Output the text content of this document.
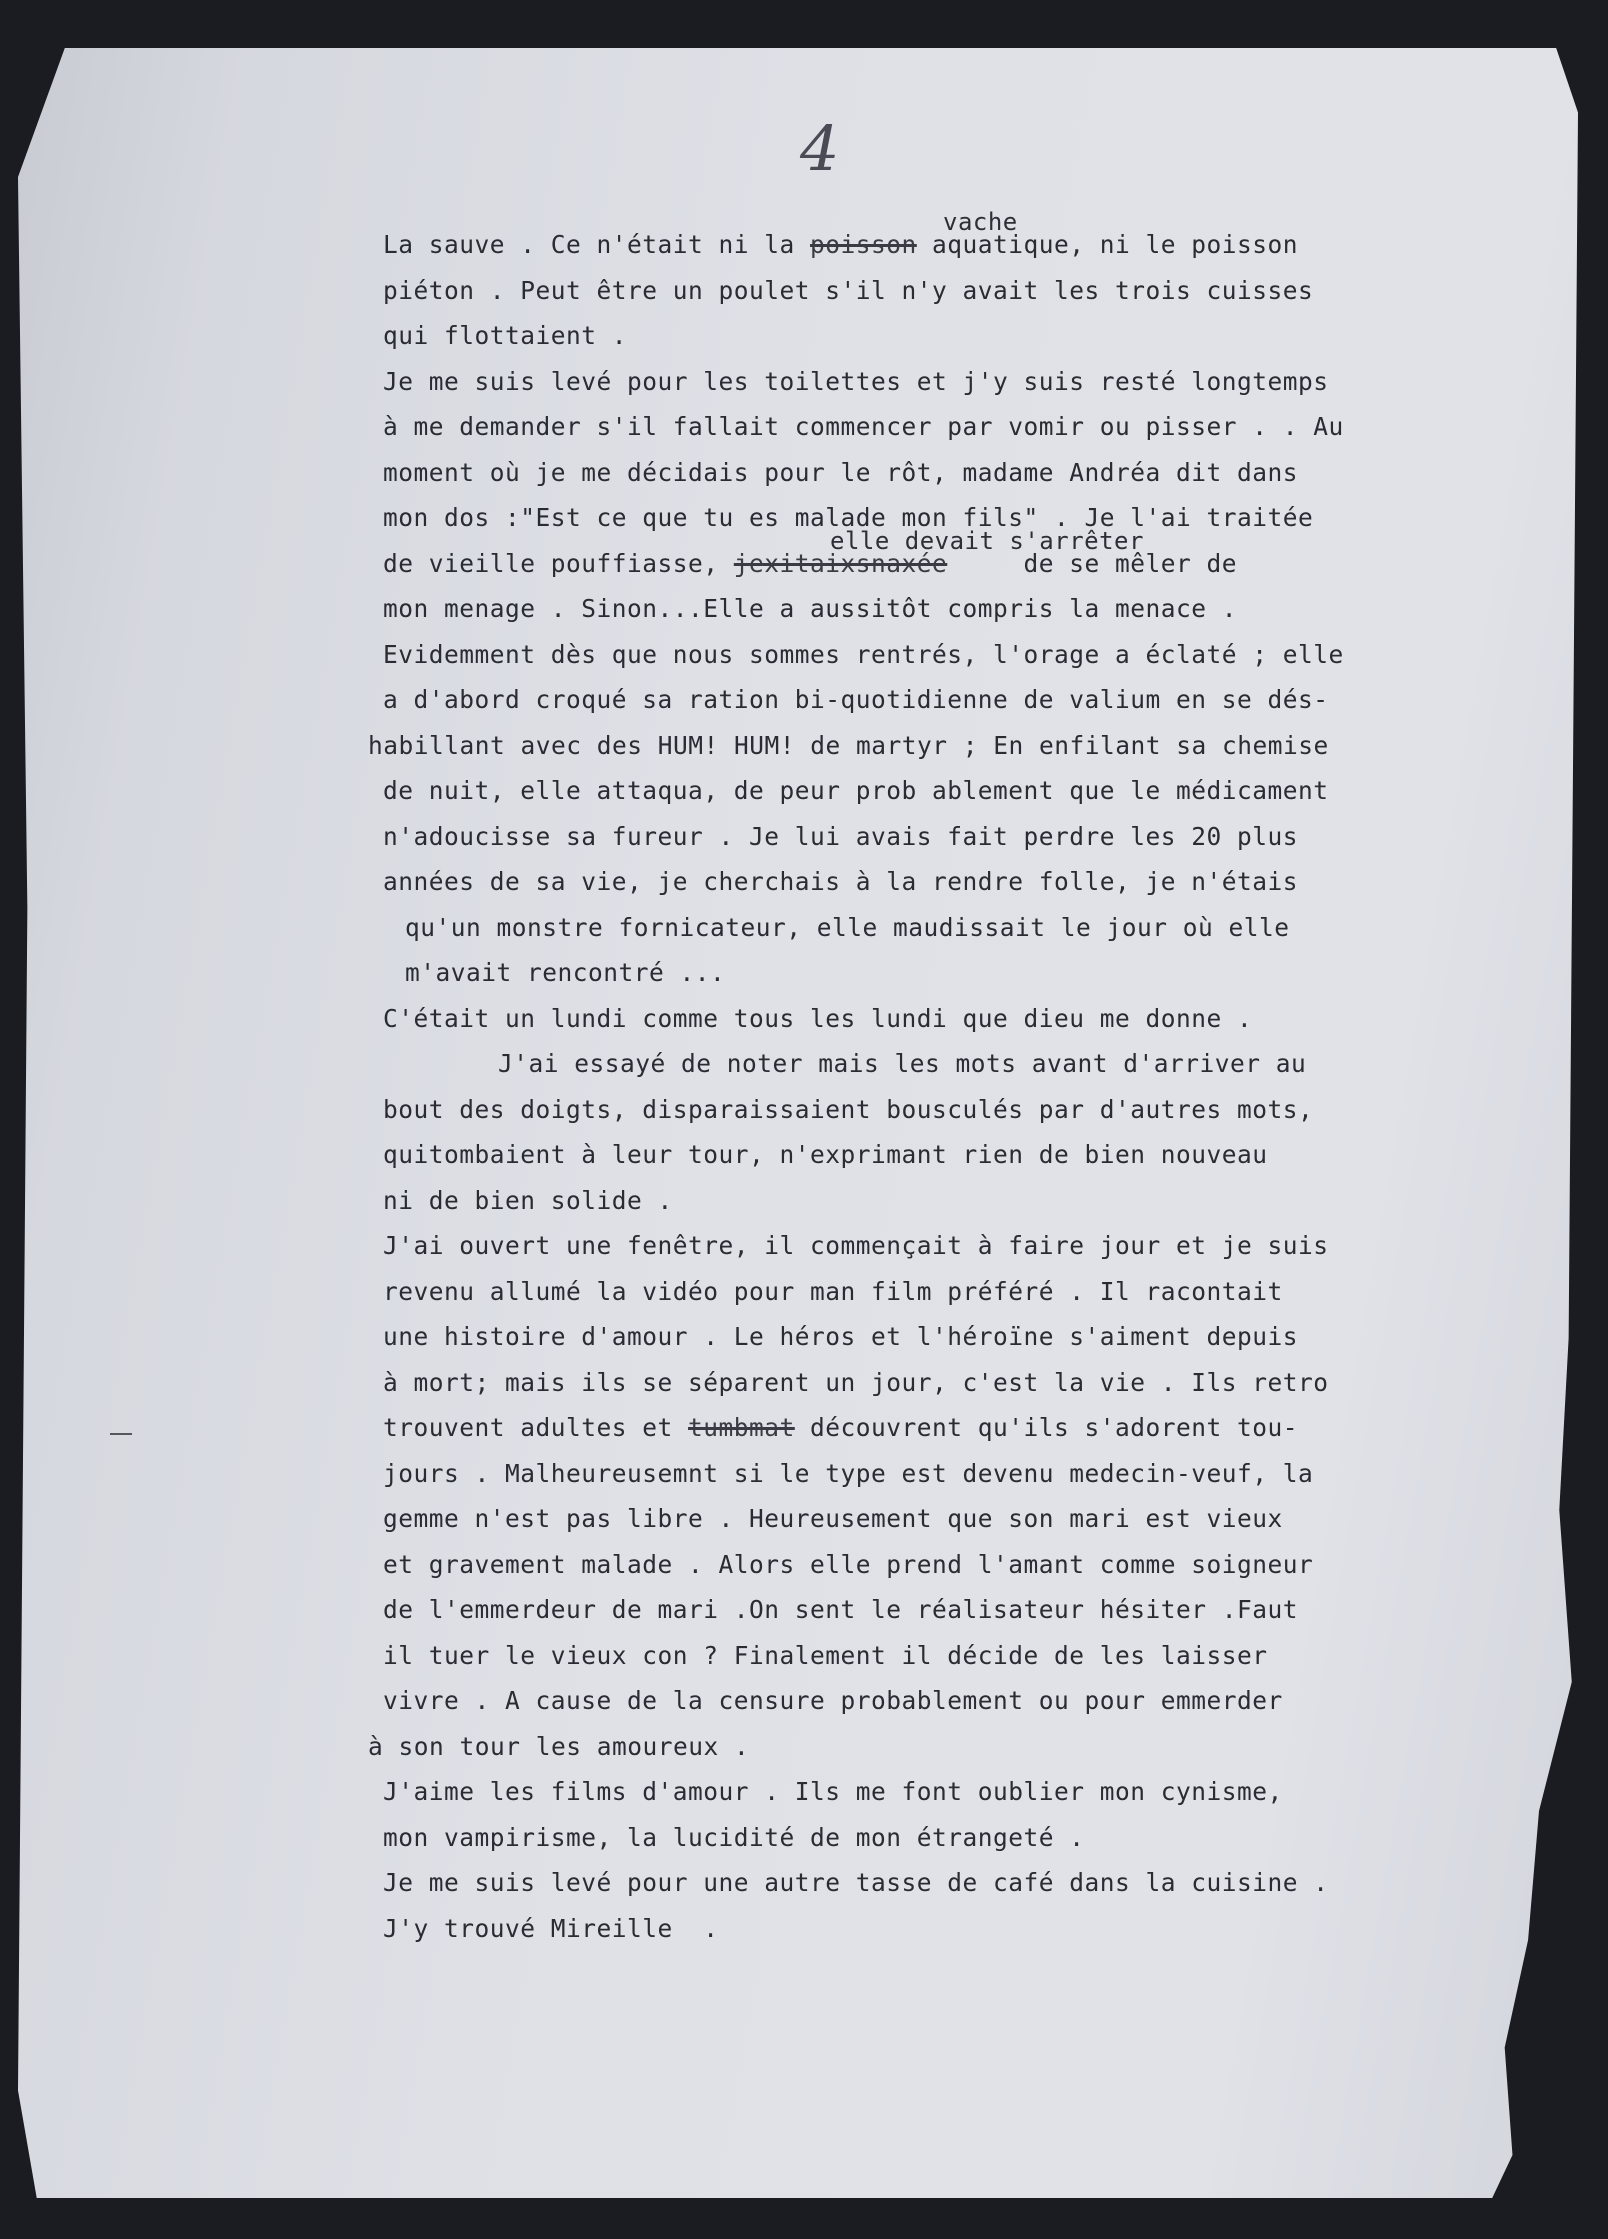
4
La sauve . Ce n'était ni la poisson aquatique, ni le poisson
vache
piéton . Peut être un poulet s'il n'y avait les trois cuisses
qui flottaient .
Je me suis levé pour les toilettes et j'y suis resté longtemps
à me demander s'il fallait commencer par vomir ou pisser . . Au
moment où je me décidais pour le rôt, madame Andréa dit dans
mon dos :"Est ce que tu es malade mon fils" . Je l'ai traitée
de vieille pouffiasse, jexitaixsnaxée     de se mêler de
elle devait s'arrêter
mon menage . Sinon...Elle a aussitôt compris la menace .
Evidemment dès que nous sommes rentrés, l'orage a éclaté ; elle
a d'abord croqué sa ration bi-quotidienne de valium en se dés-
habillant avec des HUM! HUM! de martyr ; En enfilant sa chemise
de nuit, elle attaqua, de peur prob ablement que le médicament
n'adoucisse sa fureur . Je lui avais fait perdre les 20 plus
années de sa vie, je cherchais à la rendre folle, je n'étais
qu'un monstre fornicateur, elle maudissait le jour où elle
m'avait rencontré ...
C'était un lundi comme tous les lundi que dieu me donne .
J'ai essayé de noter mais les mots avant d'arriver au
bout des doigts, disparaissaient bousculés par d'autres mots,
quitombaient à leur tour, n'exprimant rien de bien nouveau
ni de bien solide .
J'ai ouvert une fenêtre, il commençait à faire jour et je suis
revenu allumé la vidéo pour man film préféré . Il racontait
une histoire d'amour . Le héros et l'héroïne s'aiment depuis
à mort; mais ils se séparent un jour, c'est la vie . Ils retro
trouvent adultes et tumbmat découvrent qu'ils s'adorent tou-
jours . Malheureusemnt si le type est devenu medecin-veuf, la
gemme n'est pas libre . Heureusement que son mari est vieux
et gravement malade . Alors elle prend l'amant comme soigneur
de l'emmerdeur de mari .On sent le réalisateur hésiter .Faut
il tuer le vieux con ? Finalement il décide de les laisser
vivre . A cause de la censure probablement ou pour emmerder
à son tour les amoureux .
J'aime les films d'amour . Ils me font oublier mon cynisme,
mon vampirisme, la lucidité de mon étrangeté .
Je me suis levé pour une autre tasse de café dans la cuisine .
J'y trouvé Mireille  .
